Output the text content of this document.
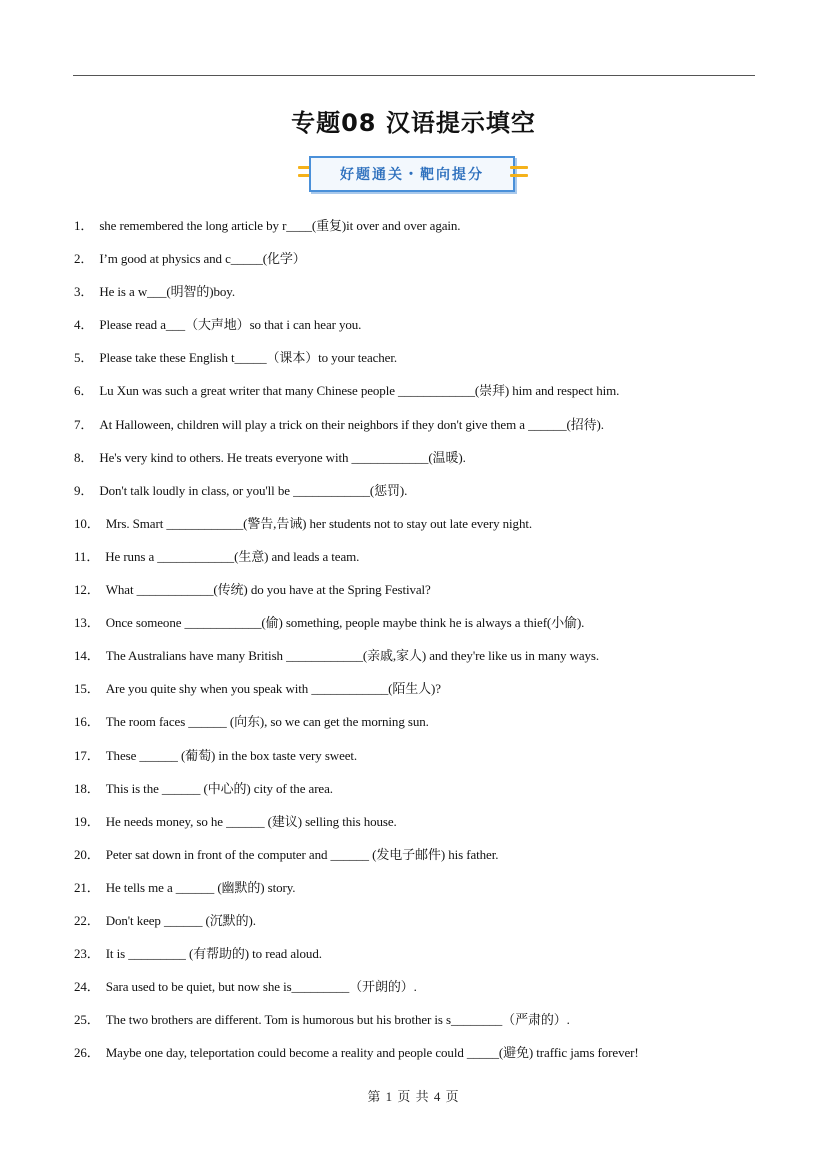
专题08 汉语提示填空
好题通关・靶向提分
1． she remembered the long article by r____(重复)it over and over again.
2． I’m good at physics and c_____(化学）
3． He is a w___(明智的)boy.
4． Please read a___（大声地）so that i can hear you.
5． Please take these English t_____（课本）to your teacher.
6． Lu Xun was such a great writer that many Chinese people ____________(崇拜) him and respect him.
7． At Halloween, children will play a trick on their neighbors if they don't give them a ______(招待).
8． He's very kind to others. He treats everyone with ____________(温暖).
9． Don't talk loudly in class, or you'll be ____________(惩罚).
10． Mrs. Smart ____________(警告,告诫) her students not to stay out late every night.
11． He runs a ____________(生意) and leads a team.
12． What ____________(传统) do you have at the Spring Festival?
13． Once someone ____________(偷) something, people maybe think he is always a thief(小偷).
14． The Australians have many British ____________(亲戚,家人) and they're like us in many ways.
15． Are you quite shy when you speak with ____________(陌生人)?
16． The room faces ______ (向东), so we can get the morning sun.
17． These ______ (葡萄) in the box taste very sweet.
18． This is the ______ (中心的) city of the area.
19． He needs money, so he ______ (建议) selling this house.
20． Peter sat down in front of the computer and ______ (发电子邮件) his father.
21． He tells me a ______ (幽默的) story.
22． Don't keep ______ (沉默的).
23． It is _________ (有帮助的) to read aloud.
24． Sara used to be quiet, but now she is_________（开朗的）.
25． The two brothers are different. Tom is humorous but his brother is s________（严肃的）.
26． Maybe one day, teleportation could become a reality and people could _____(避免) traffic jams forever!
第 1 页 共 4 页
